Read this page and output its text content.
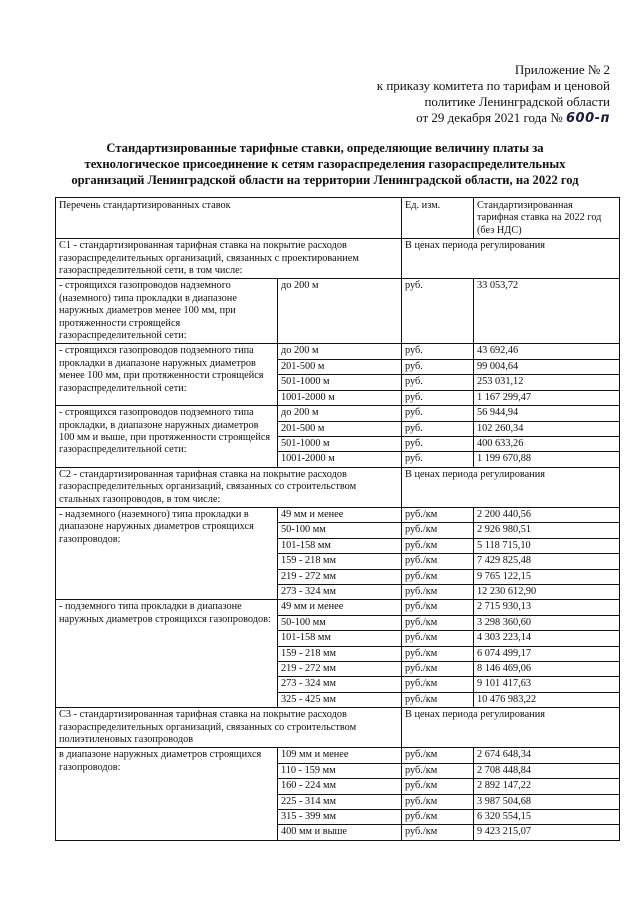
Приложение № 2
к приказу комитета по тарифам и ценовой
политике Ленинградской области
от 29 декабря 2021 года № 600-п
Стандартизированные тарифные ставки, определяющие величину платы за
технологическое присоединение к сетям газораспределения газораспределительных
организаций Ленинградской области на территории Ленинградской области, на 2022 год
Перечень стандартизированных ставок		Ед. изм.	Стандартизированная тарифная ставка на 2022 год (без НДС)
С1 - стандартизированная тарифная ставка на покрытие расходов газораспределительных организаций, связанных с проектированием газораспределительной сети, в том числе:		В ценах периода регулирования	
- строящихся газопроводов надземного (наземного) типа прокладки в диапазоне наружных диаметров менее 100 мм, при протяженности строящейся газораспределительной сети:	до 200 м	руб.	33 053,72
- строящихся газопроводов подземного типа прокладки в диапазоне наружных диаметров менее 100 мм, при протяженности строящейся газораспределительной сети:	до 200 м	руб.	43 692,46
	201-500 м	руб.	99 004,64
	501-1000 м	руб.	253 031,12
	1001-2000 м	руб.	1 167 299,47
- строящихся газопроводов подземного типа прокладки, в диапазоне наружных диаметров 100 мм и выше, при протяженности строящейся газораспределительной сети:	до 200 м	руб.	56 944,94
	201-500 м	руб.	102 260,34
	501-1000 м	руб.	400 633,26
	1001-2000 м	руб.	1 199 670,88
С2 - стандартизированная тарифная ставка на покрытие расходов газораспределительных организаций, связанных со строительством стальных газопроводов, в том числе:		В ценах периода регулирования	
- надземного (наземного) типа прокладки в диапазоне наружных диаметров строящихся газопроводов:	49 мм и менее	руб./км	2 200 440,56
	50-100 мм	руб./км	2 926 980,51
	101-158 мм	руб./км	5 118 715,10
	159 - 218 мм	руб./км	7 429 825,48
	219 - 272 мм	руб./км	9 765 122,15
	273 - 324 мм	руб./км	12 230 612,90
- подземного типа прокладки в диапазоне наружных диаметров строящихся газопроводов:	49 мм и менее	руб./км	2 715 930,13
	50-100 мм	руб./км	3 298 360,60
	101-158 мм	руб./км	4 303 223,14
	159 - 218 мм	руб./км	6 074 499,17
	219 - 272 мм	руб./км	8 146 469,06
	273 - 324 мм	руб./км	9 101 417,63
	325 - 425 мм	руб./км	10 476 983,22
С3 - стандартизированная тарифная ставка на покрытие расходов газораспределительных организаций, связанных со строительством полиэтиленовых газопроводов		В ценах периода регулирования	
в диапазоне наружных диаметров строящихся газопроводов:	109 мм и менее	руб./км	2 674 648,34
	110 - 159 мм	руб./км	2 708 448,84
	160 - 224 мм	руб./км	2 892 147,22
	225 - 314 мм	руб./км	3 987 504,68
	315 - 399 мм	руб./км	6 320 554,15
	400 мм и выше	руб./км	9 423 215,07
